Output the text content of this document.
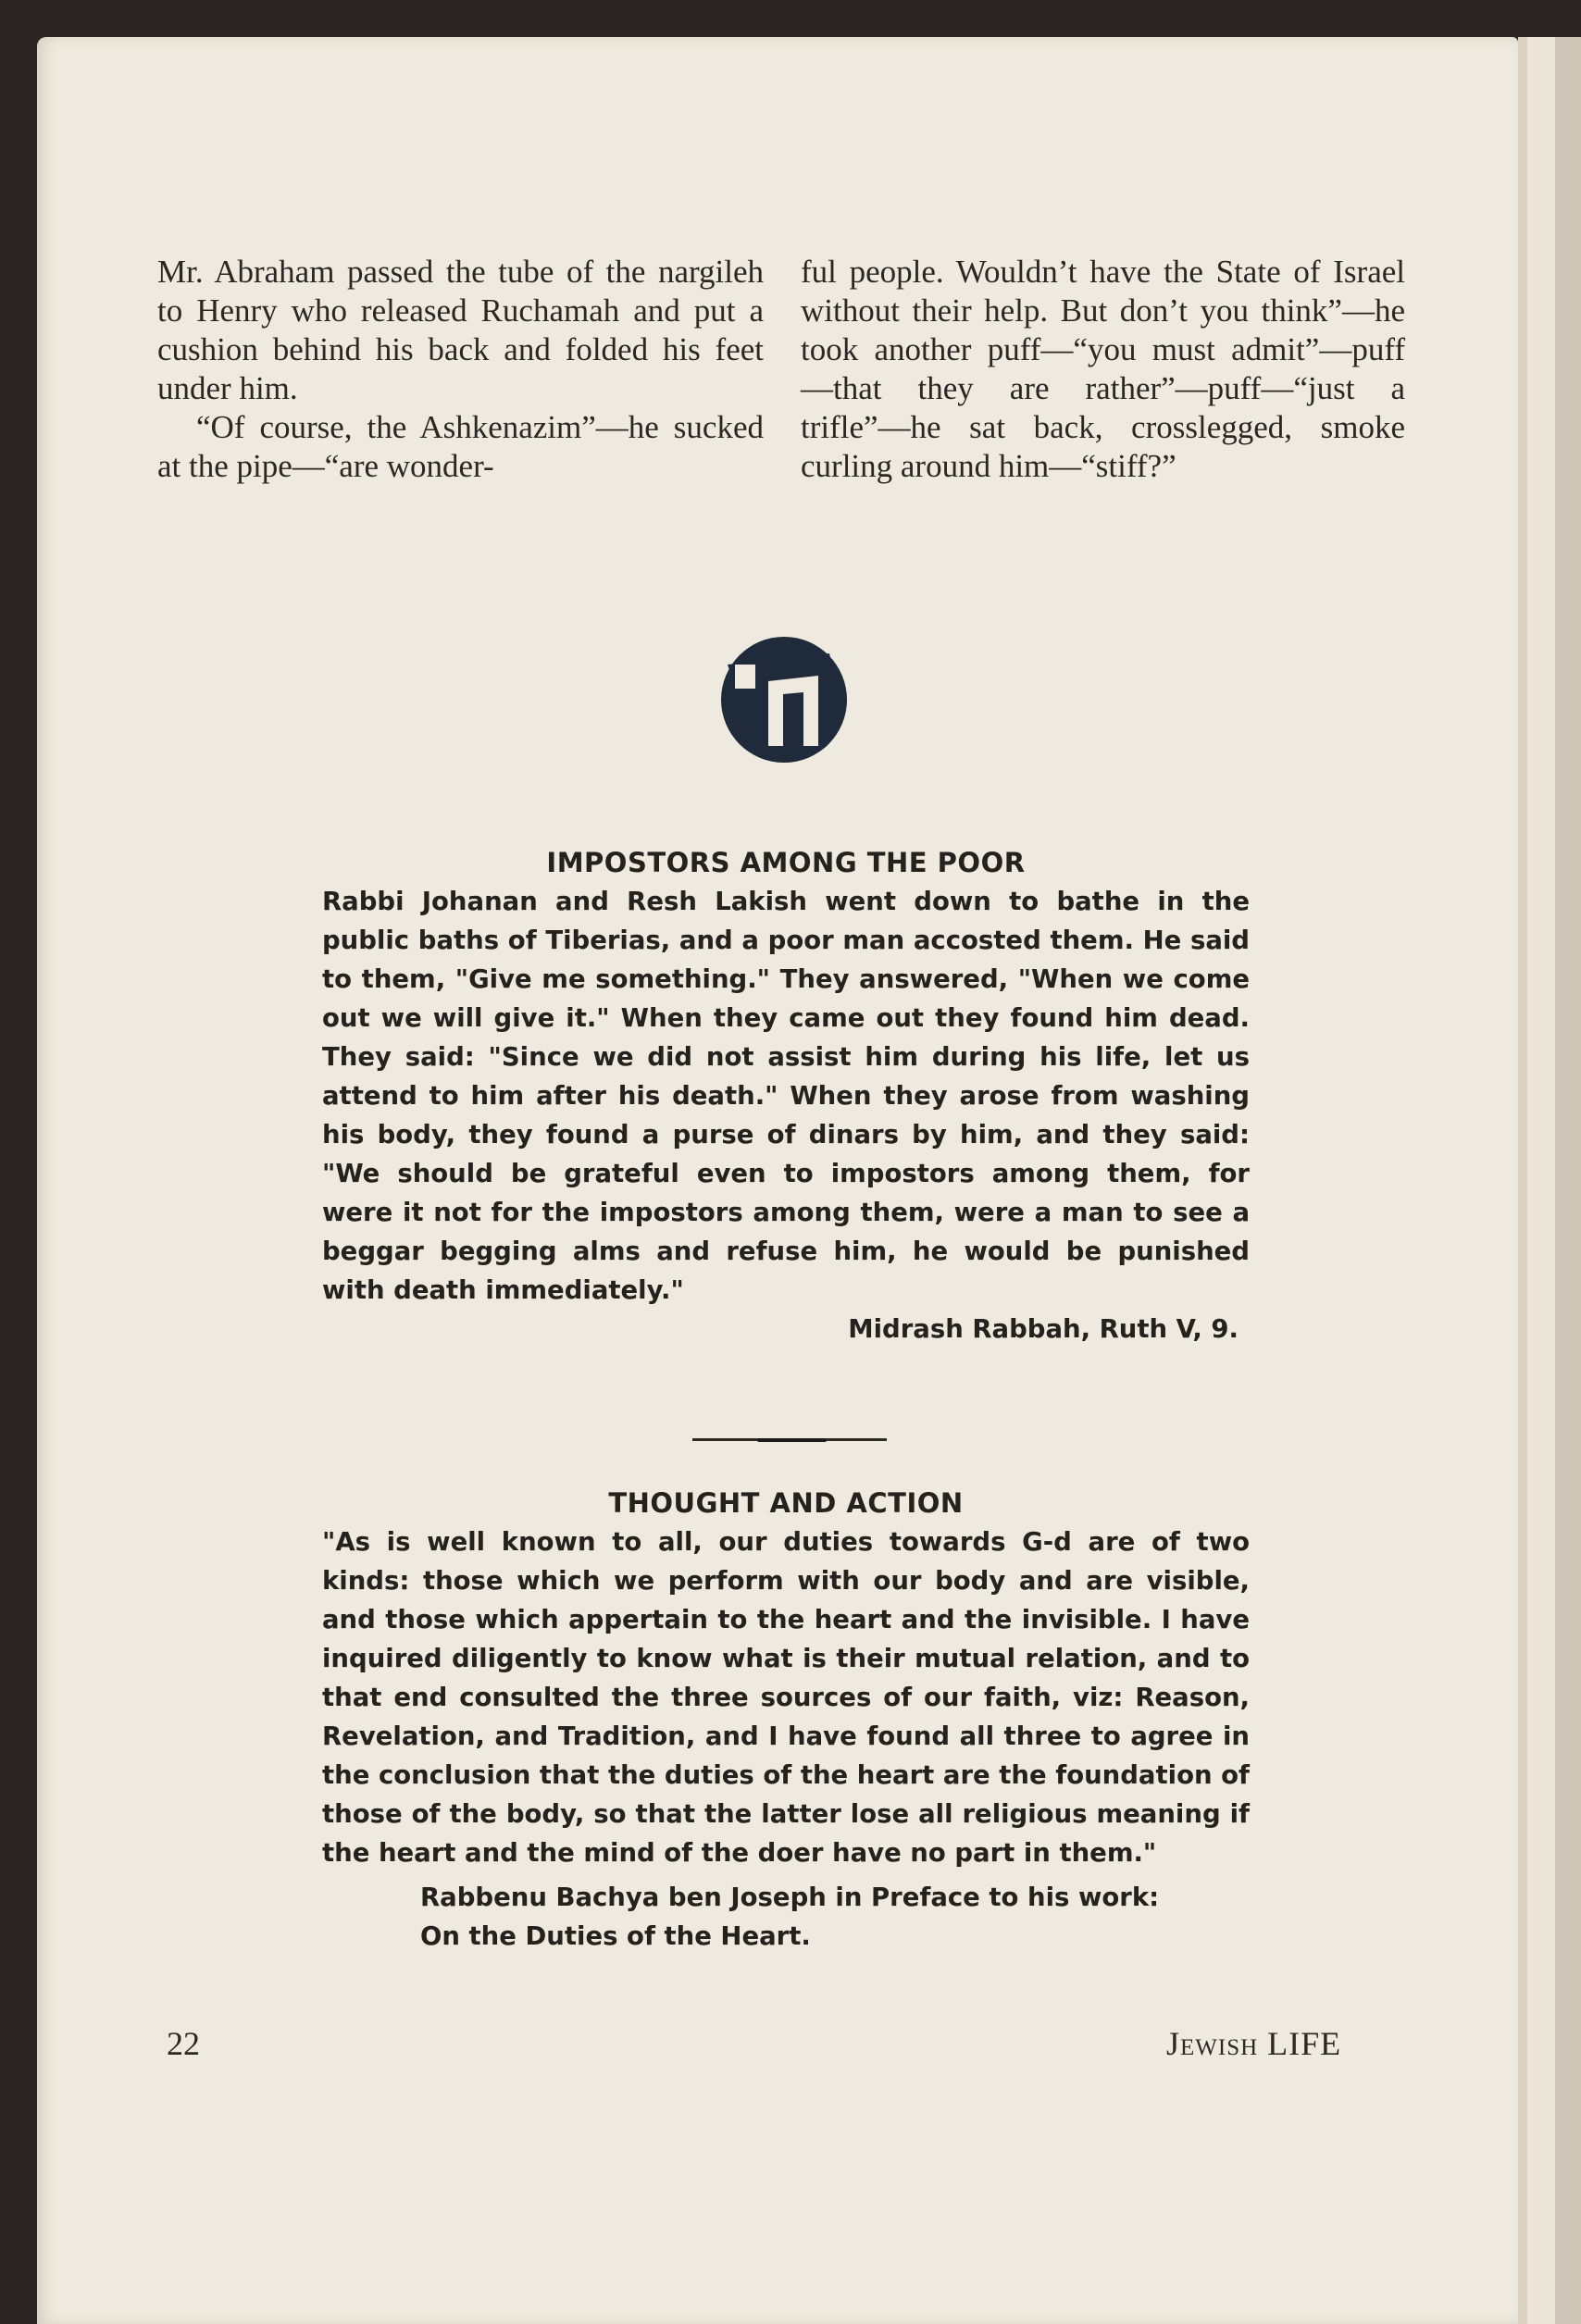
Mr. Abraham passed the tube of the nargileh to Henry who released Ruchamah and put a cushion behind his back and folded his feet under him.

“Of course, the Ashkenazim”—he sucked at the pipe—“are wonder-

ful people. Wouldn’t have the State of Israel without their help. But don’t you think”—he took another puff—“you must admit”—puff—that they are rather”—puff—“just a trifle”—he sat back, crosslegged, smoke curling around him—“stiff?”

IMPOSTORS AMONG THE POOR
Rabbi Johanan and Resh Lakish went down to bathe in the public baths of Tiberias, and a poor man accosted them. He said to them, "Give me something." They answered, "When we come out we will give it." When they came out they found him dead. They said: "Since we did not assist him during his life, let us attend to him after his death." When they arose from washing his body, they found a purse of dinars by him, and they said: "We should be grateful even to impostors among them, for were it not for the impostors among them, were a man to see a beggar begging alms and refuse him, he would be punished with death immediately."
Midrash Rabbah, Ruth V, 9.
THOUGHT AND ACTION
"As is well known to all, our duties towards G-d are of two kinds: those which we perform with our body and are visible, and those which appertain to the heart and the invisible. I have inquired diligently to know what is their mutual relation, and to that end consulted the three sources of our faith, viz: Reason, Revelation, and Tradition, and I have found all three to agree in the conclusion that the duties of the heart are the foundation of those of the body, so that the latter lose all religious meaning if the heart and the mind of the doer have no part in them."
Rabbenu Bachya ben Joseph in Preface to his work:
On the Duties of the Heart.
22	Jewish LIFE
